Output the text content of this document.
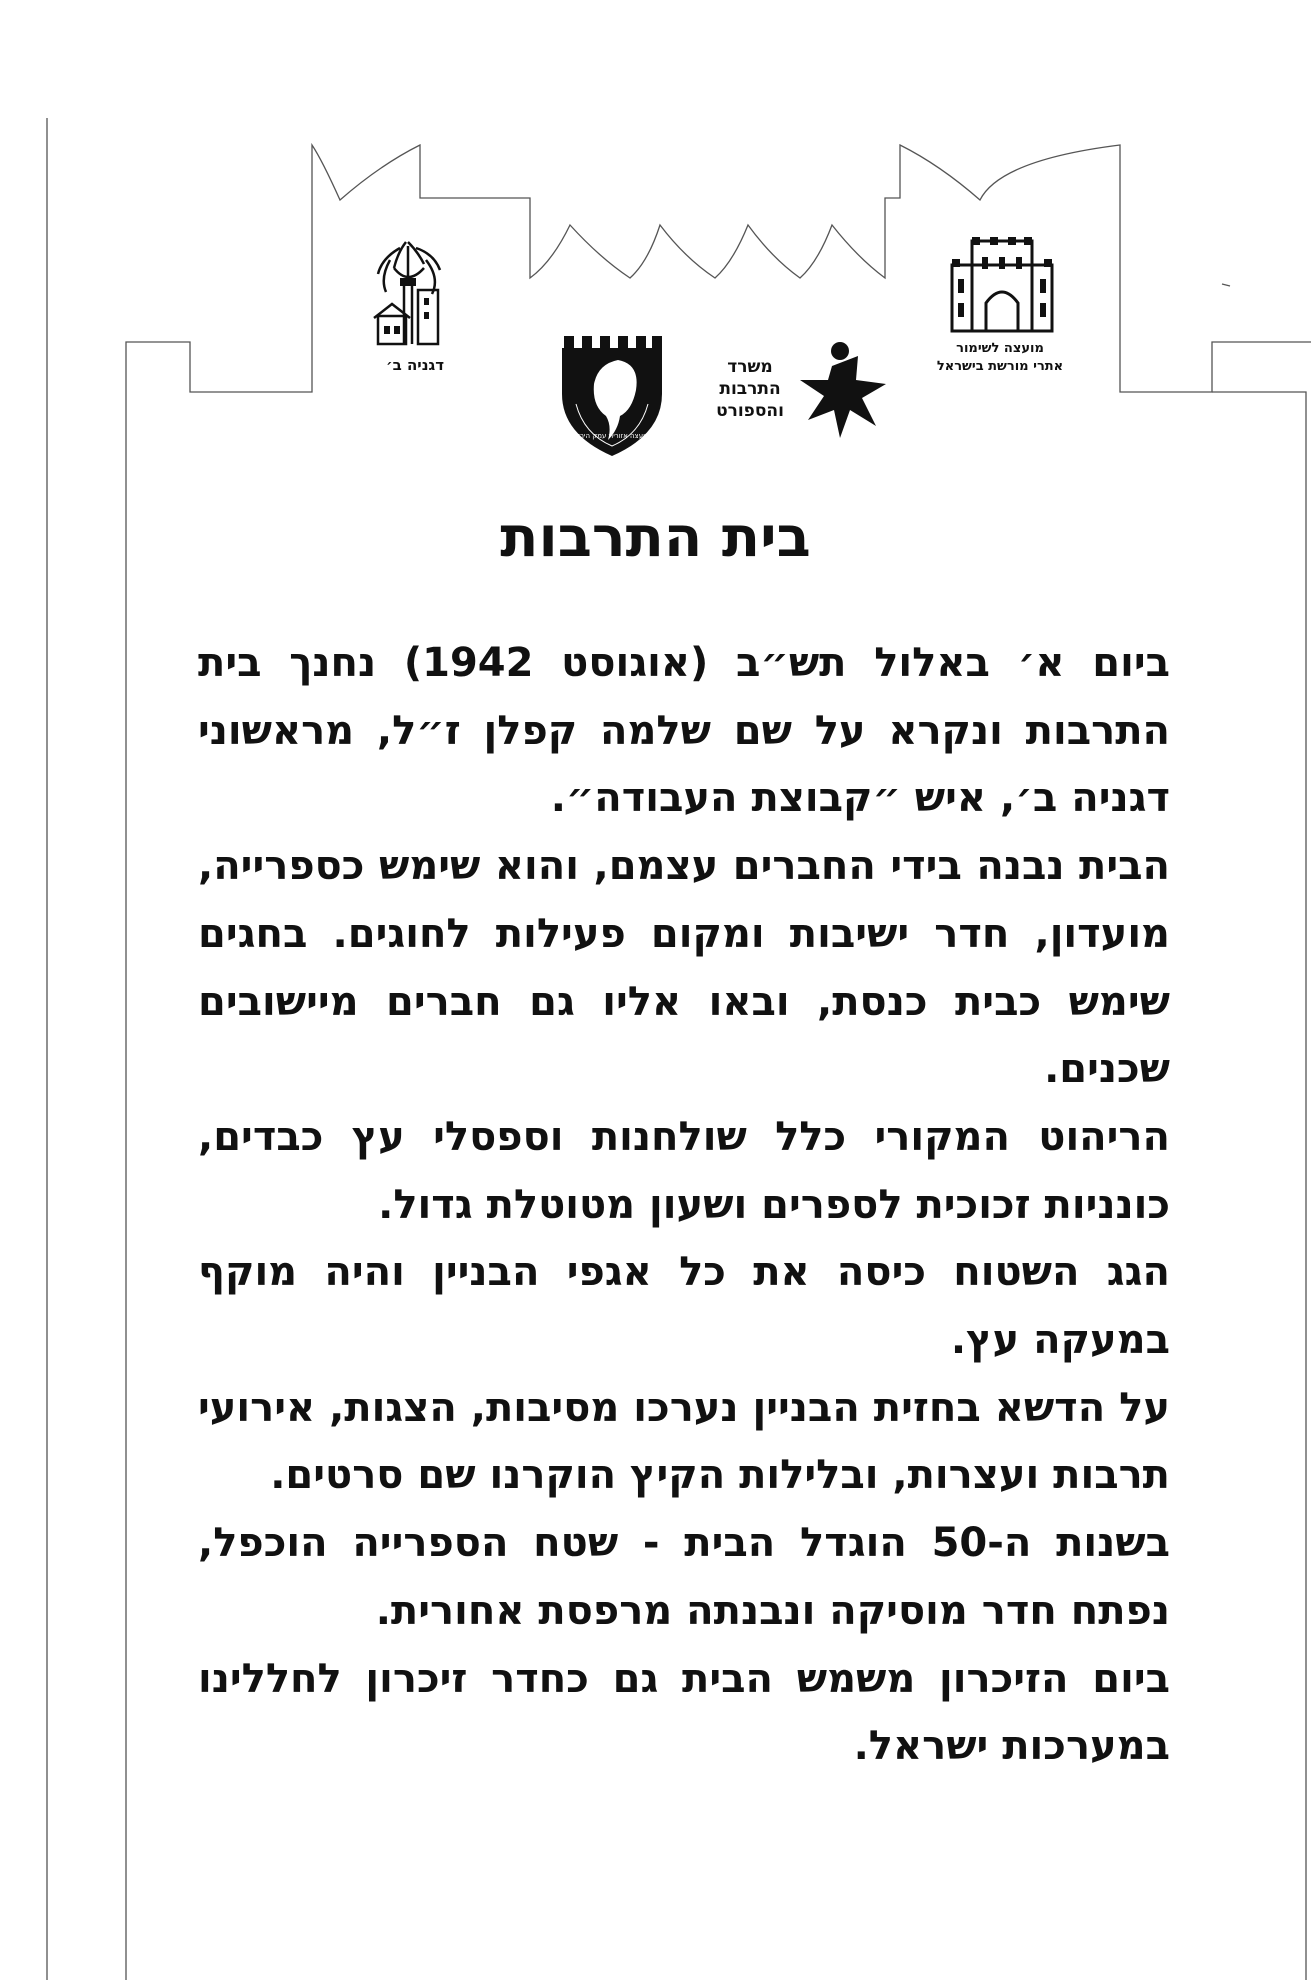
מועצה לשימור
אתרי מורשת בישראל
משרד
התרבות
והספורט
מועצה אזורית עמק הירדן
דגניה ב׳
בית התרבות

ביום א׳ באלול תש״ב (אוגוסט 1942) נחנך בית התרבות ונקרא על שם שלמה קפלן ז״ל, מראשוני דגניה ב׳, איש ״קבוצת העבודה״.

הבית נבנה בידי החברים עצמם, והוא שימש כספרייה, מועדון, חדר ישיבות ומקום פעילות לחוגים. בחגים שימש כבית כנסת, ובאו אליו גם חברים מיישובים שכנים.

הריהוט המקורי כלל שולחנות וספסלי עץ כבדים, כונניות זכוכית לספרים ושעון מטוטלת גדול.

הגג השטוח כיסה את כל אגפי הבניין והיה מוקף במעקה עץ.

על הדשא בחזית הבניין נערכו מסיבות, הצגות, אירועי תרבות ועצרות, ובלילות הקיץ הוקרנו שם סרטים.

בשנות ה-50 הוגדל הבית - שטח הספרייה הוכפל, נפתח חדר מוסיקה ונבנתה מרפסת אחורית.

ביום הזיכרון משמש הבית גם כחדר זיכרון לחללינו במערכות ישראל.
